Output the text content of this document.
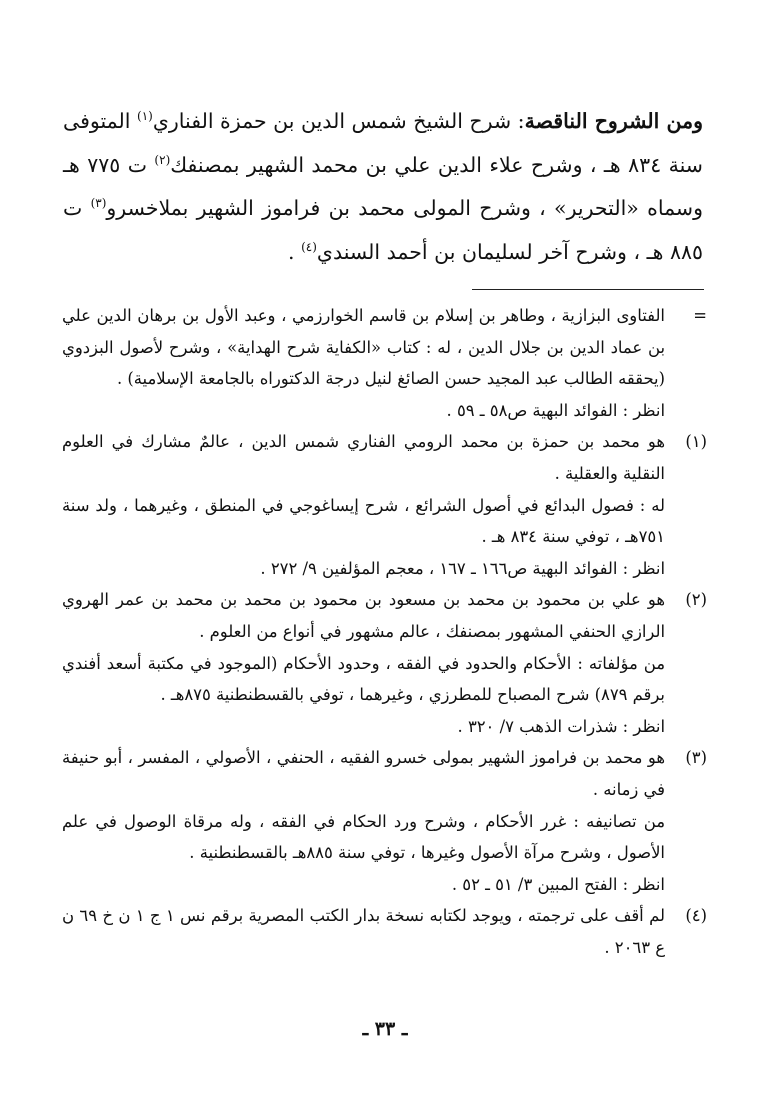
ومن الشروح الناقصة: شرح الشيخ شمس الدين بن حمزة الفناري$^{(١)}$ المتوفى سنة ٨٣٤ هـ ، وشرح علاء الدين علي بن محمد الشهير بمصنفك$^{(٢)}$ ت ٧٧٥ هـ وسماه «التحرير» ، وشرح المولى محمد بن فراموز الشهير بملاخسرو$^{(٣)}$ ت ٨٨٥ هـ ، وشرح آخر لسليمان بن أحمد السندي$^{(٤)}$ .
=

الفتاوى البزازية ، وطاهر بن إسلام بن قاسم الخوارزمي ، وعبد الأول بن برهان الدين علي بن عماد الدين بن جلال الدين ، له : كتاب «الكفاية شرح الهداية» ، وشرح لأصول البزدوي (يحققه الطالب عبد المجيد حسن الصائغ لنيل درجة الدكتوراه بالجامعة الإسلامية) .

انظر : الفوائد البهية ص٥٨ ـ ٥٩ .

(١)

هو محمد بن حمزة بن محمد الرومي الفناري شمس الدين ، عالمٌ مشارك في العلوم النقلية والعقلية .

له : فصول البدائع في أصول الشرائع ، شرح إيساغوجي في المنطق ، وغيرهما ، ولد سنة ٧٥١هـ ، توفي سنة ٨٣٤ هـ .

انظر : الفوائد البهية ص١٦٦ ـ ١٦٧ ، معجم المؤلفين ٩/ ٢٧٢ .

(٢)

هو علي بن محمود بن محمد بن مسعود بن محمود بن محمد بن محمد بن عمر الهروي الرازي الحنفي المشهور بمصنفك ، عالم مشهور في أنواع من العلوم .

من مؤلفاته : الأحكام والحدود في الفقه ، وحدود الأحكام (الموجود في مكتبة أسعد أفندي برقم ٨٧٩) شرح المصباح للمطرزي ، وغيرهما ، توفي بالقسطنطنية ٨٧٥هـ .

انظر : شذرات الذهب ٧/ ٣٢٠ .

(٣)

هو محمد بن فراموز الشهير بمولى خسرو الفقيه ، الحنفي ، الأصولي ، المفسر ، أبو حنيفة في زمانه .

من تصانيفه : غرر الأحكام ، وشرح ورد الحكام في الفقه ، وله مرقاة الوصول في علم الأصول ، وشرح مرآة الأصول وغيرها ، توفي سنة ٨٨٥هـ بالقسطنطنية .

انظر : الفتح المبين ٣/ ٥١ ـ ٥٢ .

(٤)

لم أقف على ترجمته ، ويوجد لكتابه نسخة بدار الكتب المصرية برقم نس ١ ج ١ ن خ ٦٩ ن ع ٢٠٦٣ .

ـ ٣٣ ـ
